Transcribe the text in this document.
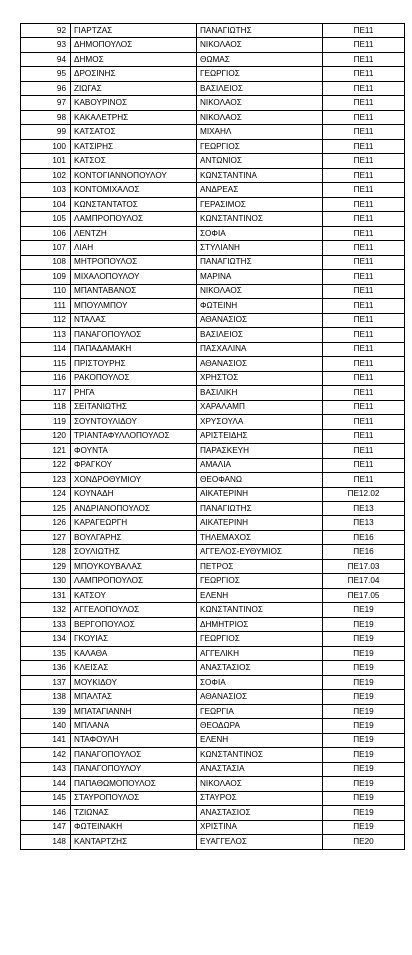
92	ΓΙΑΡΤΖΑΣ	ΠΑΝΑΓΙΩΤΗΣ	ΠΕ11
93	ΔΗΜΟΠΟΥΛΟΣ	ΝΙΚΟΛΑΟΣ	ΠΕ11
94	ΔΗΜΟΣ	ΘΩΜΑΣ	ΠΕ11
95	ΔΡΟΣΙΝΗΣ	ΓΕΩΡΓΙΟΣ	ΠΕ11
96	ΖΙΩΓΑΣ	ΒΑΣΙΛΕΙΟΣ	ΠΕ11
97	ΚΑΒΟΥΡΙΝΟΣ	ΝΙΚΟΛΑΟΣ	ΠΕ11
98	ΚΑΚΑΛΕΤΡΗΣ	ΝΙΚΟΛΑΟΣ	ΠΕ11
99	ΚΑΤΣΑΤΟΣ	ΜΙΧΑΗΛ	ΠΕ11
100	ΚΑΤΣΙΡΗΣ	ΓΕΩΡΓΙΟΣ	ΠΕ11
101	ΚΑΤΣΟΣ	ΑΝΤΩΝΙΟΣ	ΠΕ11
102	ΚΟΝΤΟΓΙΑΝΝΟΠΟΥΛΟΥ	ΚΩΝΣΤΑΝΤΙΝΑ	ΠΕ11
103	ΚΟΝΤΟΜΙΧΑΛΟΣ	ΑΝΔΡΕΑΣ	ΠΕ11
104	ΚΩΝΣΤΑΝΤΑΤΟΣ	ΓΕΡΑΣΙΜΟΣ	ΠΕ11
105	ΛΑΜΠΡΟΠΟΥΛΟΣ	ΚΩΝΣΤΑΝΤΙΝΟΣ	ΠΕ11
106	ΛΕΝΤΖΗ	ΣΟΦΙΑ	ΠΕ11
107	ΛΙΑΗ	ΣΤΥΛΙΑΝΗ	ΠΕ11
108	ΜΗΤΡΟΠΟΥΛΟΣ	ΠΑΝΑΓΙΩΤΗΣ	ΠΕ11
109	ΜΙΧΑΛΟΠΟΥΛΟΥ	ΜΑΡΙΝΑ	ΠΕ11
110	ΜΠΑΝΤΑΒΑΝΟΣ	ΝΙΚΟΛΑΟΣ	ΠΕ11
111	ΜΠΟΥΛΜΠΟΥ	ΦΩΤΕΙΝΗ	ΠΕ11
112	ΝΤΑΛΑΣ	ΑΘΑΝΑΣΙΟΣ	ΠΕ11
113	ΠΑΝΑΓΟΠΟΥΛΟΣ	ΒΑΣΙΛΕΙΟΣ	ΠΕ11
114	ΠΑΠΑΔΑΜΑΚΗ	ΠΑΣΧΑΛΙΝΑ	ΠΕ11
115	ΠΡΙΣΤΟΥΡΗΣ	ΑΘΑΝΑΣΙΟΣ	ΠΕ11
116	ΡΑΚΟΠΟΥΛΟΣ	ΧΡΗΣΤΟΣ	ΠΕ11
117	ΡΗΓΑ	ΒΑΣΙΛΙΚΗ	ΠΕ11
118	ΣΕΙΤΑΝΙΩΤΗΣ	ΧΑΡΑΛΑΜΠ	ΠΕ11
119	ΣΟΥΝΤΟΥΛΙΔΟΥ	ΧΡΥΣΟΥΛΑ	ΠΕ11
120	ΤΡΙΑΝΤΑΦΥΛΛΟΠΟΥΛΟΣ	ΑΡΙΣΤΕΙΔΗΣ	ΠΕ11
121	ΦΟΥΝΤΑ	ΠΑΡΑΣΚΕΥΗ	ΠΕ11
122	ΦΡΑΓΚΟΥ	ΑΜΑΛΙΑ	ΠΕ11
123	ΧΟΝΔΡΟΘΥΜΙΟΥ	ΘΕΟΦΑΝΩ	ΠΕ11
124	ΚΟΥΝΑΔΗ	ΑΙΚΑΤΕΡΙΝΗ	ΠΕ12.02
125	ΑΝΔΡΙΑΝΟΠΟΥΛΟΣ	ΠΑΝΑΓΙΩΤΗΣ	ΠΕ13
126	ΚΑΡΑΓΕΩΡΓΗ	ΑΙΚΑΤΕΡΙΝΗ	ΠΕ13
127	ΒΟΥΛΓΑΡΗΣ	ΤΗΛΕΜΑΧΟΣ	ΠΕ16
128	ΣΟΥΛΙΩΤΗΣ	ΑΓΓΕΛΟΣ-ΕΥΘΥΜΙΟΣ	ΠΕ16
129	ΜΠΟΥΚΟΥΒΑΛΑΣ	ΠΕΤΡΟΣ	ΠΕ17.03
130	ΛΑΜΠΡΟΠΟΥΛΟΣ	ΓΕΩΡΓΙΟΣ	ΠΕ17.04
131	ΚΑΤΣΟΥ	ΕΛΕΝΗ	ΠΕ17.05
132	ΑΓΓΕΛΟΠΟΥΛΟΣ	ΚΩΝΣΤΑΝΤΙΝΟΣ	ΠΕ19
133	ΒΕΡΓΟΠΟΥΛΟΣ	ΔΗΜΗΤΡΙΟΣ	ΠΕ19
134	ΓΚΟΥΙΑΣ	ΓΕΩΡΓΙΟΣ	ΠΕ19
135	ΚΑΛΑΘΑ	ΑΓΓΕΛΙΚΗ	ΠΕ19
136	ΚΛΕΙΣΑΣ	ΑΝΑΣΤΑΣΙΟΣ	ΠΕ19
137	ΜΟΥΚΙΔΟΥ	ΣΟΦΙΑ	ΠΕ19
138	ΜΠΑΛΤΑΣ	ΑΘΑΝΑΣΙΟΣ	ΠΕ19
139	ΜΠΑΤΑΓΙΑΝΝΗ	ΓΕΩΡΓΙΑ	ΠΕ19
140	ΜΠΛΑΝΑ	ΘΕΟΔΩΡΑ	ΠΕ19
141	ΝΤΑΦΟΥΛΗ	ΕΛΕΝΗ	ΠΕ19
142	ΠΑΝΑΓΟΠΟΥΛΟΣ	ΚΩΝΣΤΑΝΤΙΝΟΣ	ΠΕ19
143	ΠΑΝΑΓΟΠΟΥΛΟΥ	ΑΝΑΣΤΑΣΙΑ	ΠΕ19
144	ΠΑΠΑΘΩΜΟΠΟΥΛΟΣ	ΝΙΚΟΛΑΟΣ	ΠΕ19
145	ΣΤΑΥΡΟΠΟΥΛΟΣ	ΣΤΑΥΡΟΣ	ΠΕ19
146	ΤΖΙΩΝΑΣ	ΑΝΑΣΤΑΣΙΟΣ	ΠΕ19
147	ΦΩΤΕΙΝΑΚΗ	ΧΡΙΣΤΙΝΑ	ΠΕ19
148	ΚΑΝΤΑΡΤΖΗΣ	ΕΥΑΓΓΕΛΟΣ	ΠΕ20
